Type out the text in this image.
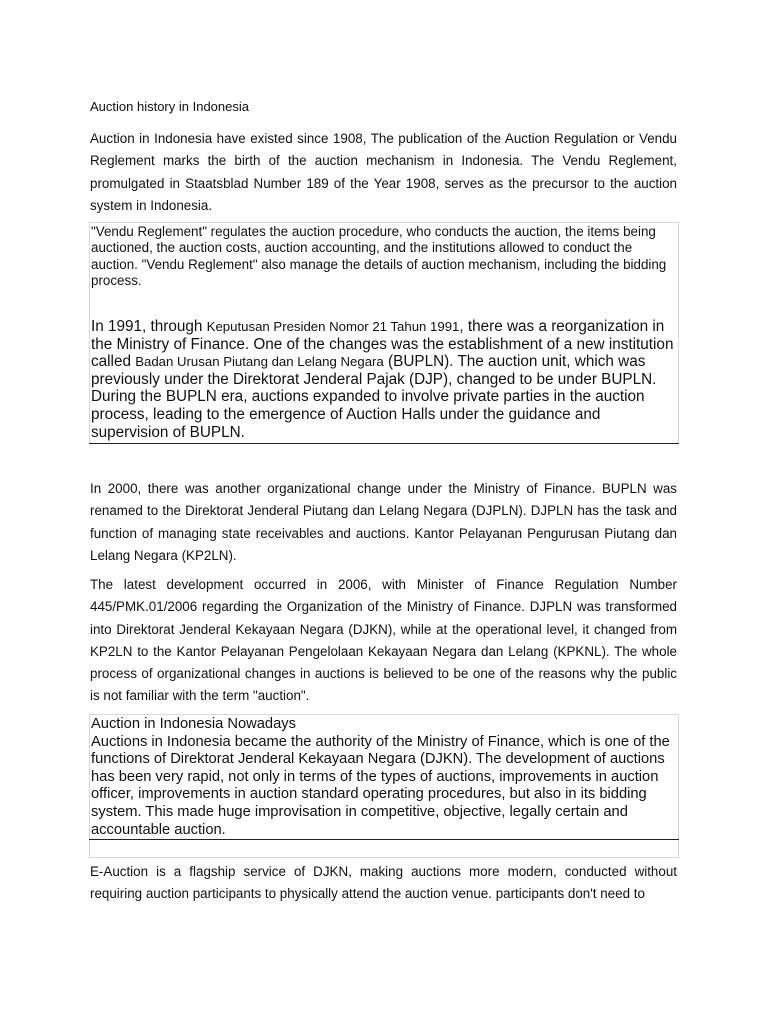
Auction history in Indonesia
Auction in Indonesia have existed since 1908, The publication of the Auction Regulation or Vendu Reglement marks the birth of the auction mechanism in Indonesia. The Vendu Reglement, promulgated in Staatsblad Number 189 of the Year 1908, serves as the precursor to the auction system in Indonesia.
"Vendu Reglement" regulates the auction procedure, who conducts the auction, the items being auctioned, the auction costs, auction accounting, and the institutions allowed to conduct the auction. "Vendu Reglement" also manage the details of auction mechanism, including the bidding process.
In 1991, through Keputusan Presiden Nomor 21 Tahun 1991, there was a reorganization in the Ministry of Finance. One of the changes was the establishment of a new institution called Badan Urusan Piutang dan Lelang Negara (BUPLN). The auction unit, which was previously under the Direktorat Jenderal Pajak (DJP), changed to be under BUPLN. During the BUPLN era, auctions expanded to involve private parties in the auction process, leading to the emergence of Auction Halls under the guidance and supervision of BUPLN.
In 2000, there was another organizational change under the Ministry of Finance. BUPLN was renamed to the Direktorat Jenderal Piutang dan Lelang Negara (DJPLN). DJPLN has the task and function of managing state receivables and auctions. Kantor Pelayanan Pengurusan Piutang dan Lelang Negara (KP2LN).
The latest development occurred in 2006, with Minister of Finance Regulation Number 445/PMK.01/2006 regarding the Organization of the Ministry of Finance. DJPLN was transformed into Direktorat Jenderal Kekayaan Negara (DJKN), while at the operational level, it changed from KP2LN to the Kantor Pelayanan Pengelolaan Kekayaan Negara dan Lelang (KPKNL). The whole process of organizational changes in auctions is believed to be one of the reasons why the public is not familiar with the term "auction".
Auction in Indonesia Nowadays
Auctions in Indonesia became the authority of the Ministry of Finance, which is one of the functions of Direktorat Jenderal Kekayaan Negara (DJKN). The development of auctions has been very rapid, not only in terms of the types of auctions, improvements in auction officer, improvements in auction standard operating procedures, but also in its bidding system. This made huge improvisation in competitive, objective, legally certain and accountable auction.
E-Auction is a flagship service of DJKN, making auctions more modern, conducted without requiring auction participants to physically attend the auction venue. participants don't need to
